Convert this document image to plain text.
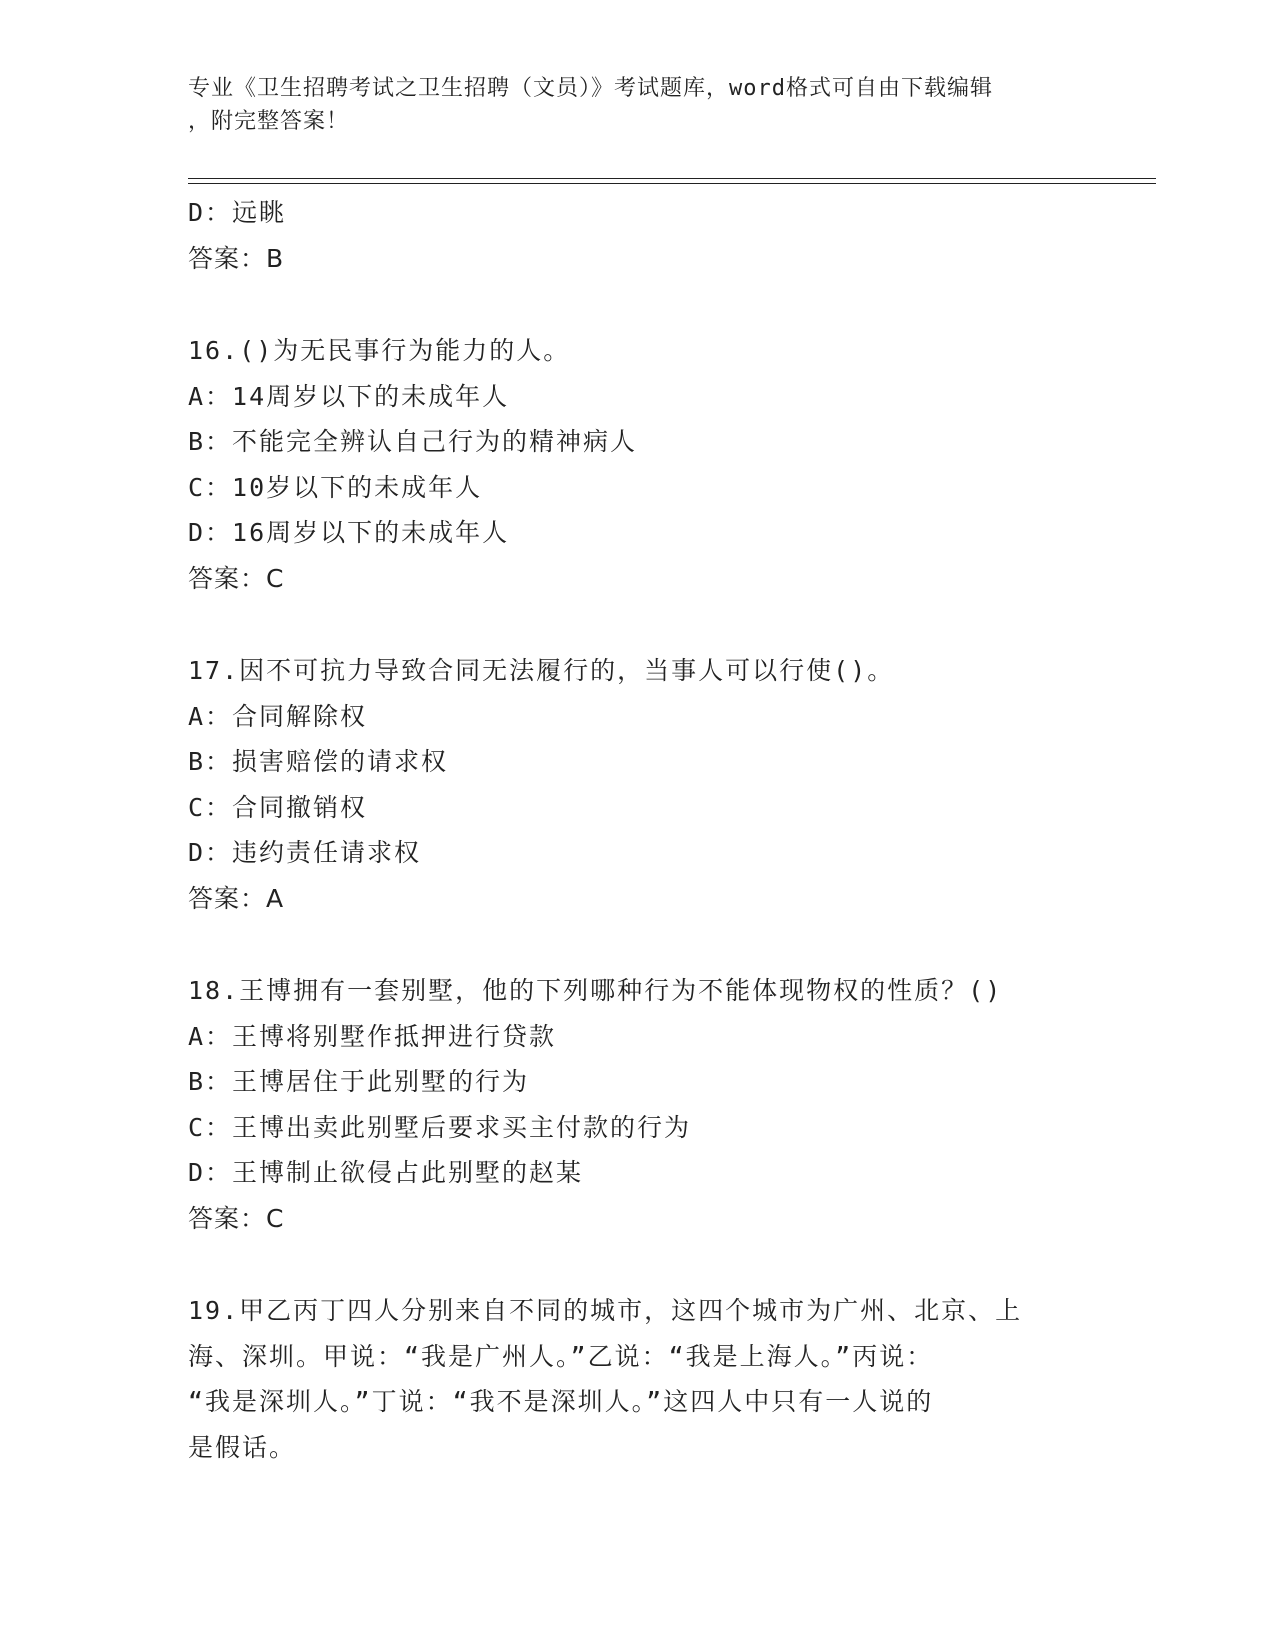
专业《卫生招聘考试之卫生招聘（文员）》考试题库，word格式可自由下载编辑
，附完整答案！
D：远眺
答案：B
16.()为无民事行为能力的人。
A：14周岁以下的未成年人
B：不能完全辨认自己行为的精神病人
C：10岁以下的未成年人
D：16周岁以下的未成年人
答案：C
17.因不可抗力导致合同无法履行的，当事人可以行使()。
A：合同解除权
B：损害赔偿的请求权
C：合同撤销权
D：违约责任请求权
答案：A
18.王博拥有一套别墅，他的下列哪种行为不能体现物权的性质？()
A：王博将别墅作抵押进行贷款
B：王博居住于此别墅的行为
C：王博出卖此别墅后要求买主付款的行为
D：王博制止欲侵占此别墅的赵某
答案：C
19.甲乙丙丁四人分别来自不同的城市，这四个城市为广州、北京、上
海、深圳。甲说：“我是广州人。”乙说：“我是上海人。”丙说：
“我是深圳人。”丁说：“我不是深圳人。”这四人中只有一人说的
是假话。
